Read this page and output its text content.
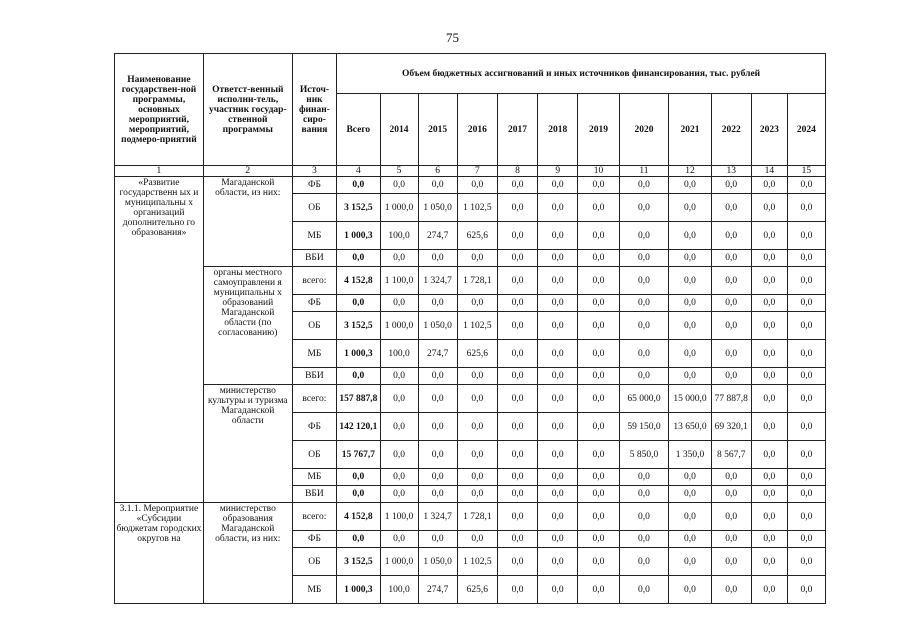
75
Наименование государствен-ной программы, основных мероприятий, мероприятий, подмеро-приятий	Ответст-венный исполни-тель, участник государ-ственной программы	Источ-ник финан-сиро-вания	Объем бюджетных ассигнований и иных источников финансирования, тыс. рублей											
			Всего	2014	2015	2016	2017	2018	2019	2020	2021	2022	2023	2024
1	2	3	4	5	6	7	8	9	10	11	12	13	14	15
«Развитие государственн ых и муниципальны х организаций дополнительно го образования»	Магаданской области, из них:	ФБ	0,0	0,0	0,0	0,0	0,0	0,0	0,0	0,0	0,0	0,0	0,0	0,0
		ОБ	3 152,5	1 000,0	1 050,0	1 102,5	0,0	0,0	0,0	0,0	0,0	0,0	0,0	0,0
		МБ	1 000,3	100,0	274,7	625,6	0,0	0,0	0,0	0,0	0,0	0,0	0,0	0,0
		ВБИ	0,0	0,0	0,0	0,0	0,0	0,0	0,0	0,0	0,0	0,0	0,0	0,0
	органы местного самоуправлени я муниципальны х образований Магаданской области (по согласованию)	всего:	4 152,8	1 100,0	1 324,7	1 728,1	0,0	0,0	0,0	0,0	0,0	0,0	0,0	0,0
		ФБ	0,0	0,0	0,0	0,0	0,0	0,0	0,0	0,0	0,0	0,0	0,0	0,0
		ОБ	3 152,5	1 000,0	1 050,0	1 102,5	0,0	0,0	0,0	0,0	0,0	0,0	0,0	0,0
		МБ	1 000,3	100,0	274,7	625,6	0,0	0,0	0,0	0,0	0,0	0,0	0,0	0,0
		ВБИ	0,0	0,0	0,0	0,0	0,0	0,0	0,0	0,0	0,0	0,0	0,0	0,0
	министерство культуры и туризма Магаданской области	всего:	157 887,8	0,0	0,0	0,0	0,0	0,0	0,0	65 000,0	15 000,0	77 887,8	0,0	0,0
		ФБ	142 120,1	0,0	0,0	0,0	0,0	0,0	0,0	59 150,0	13 650,0	69 320,1	0,0	0,0
		ОБ	15 767,7	0,0	0,0	0,0	0,0	0,0	0,0	5 850,0	1 350,0	8 567,7	0,0	0,0
		МБ	0,0	0,0	0,0	0,0	0,0	0,0	0,0	0,0	0,0	0,0	0,0	0,0
		ВБИ	0,0	0,0	0,0	0,0	0,0	0,0	0,0	0,0	0,0	0,0	0,0	0,0
3.1.1. Мероприятие «Субсидии бюджетам городских округов на	министерство образования Магаданской области, из них:	всего:	4 152,8	1 100,0	1 324,7	1 728,1	0,0	0,0	0,0	0,0	0,0	0,0	0,0	0,0
		ФБ	0,0	0,0	0,0	0,0	0,0	0,0	0,0	0,0	0,0	0,0	0,0	0,0
		ОБ	3 152,5	1 000,0	1 050,0	1 102,5	0,0	0,0	0,0	0,0	0,0	0,0	0,0	0,0
		МБ	1 000,3	100,0	274,7	625,6	0,0	0,0	0,0	0,0	0,0	0,0	0,0	0,0
